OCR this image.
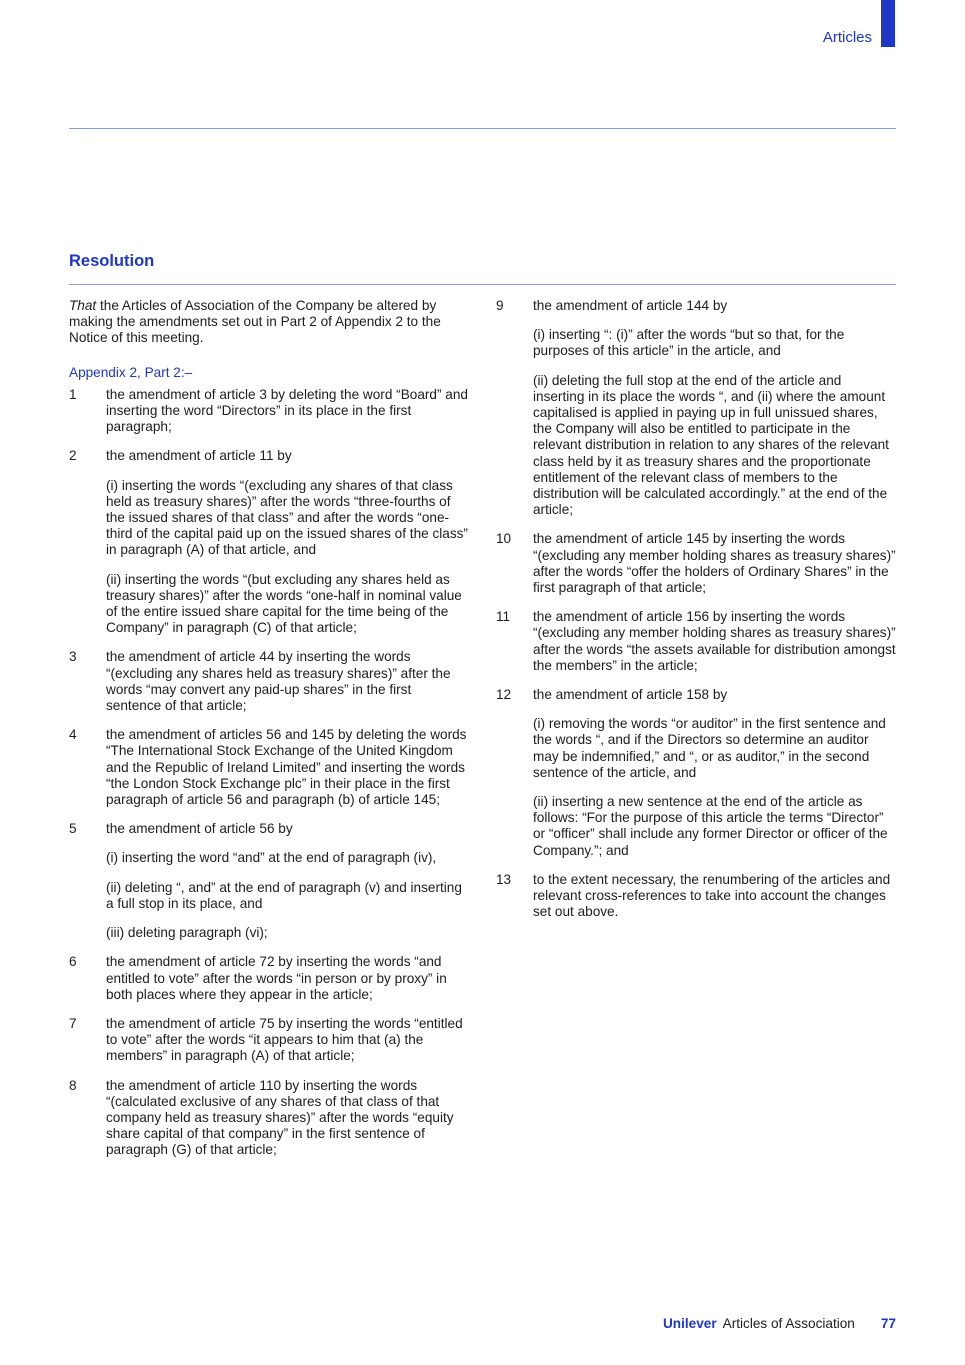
Articles
Resolution

That the Articles of Association of the Company be altered by making the amendments set out in Part 2 of Appendix 2 to the Notice of this meeting.

Appendix 2, Part 2:–

1	the amendment of article 3 by deleting the word “Board” and inserting the word “Directors” in its place in the first paragraph;

2	the amendment of article 11 by

(i) inserting the words “(excluding any shares of that class held as treasury shares)” after the words “three-fourths of the issued shares of that class” and after the words “one-third of the capital paid up on the issued shares of the class” in paragraph (A) of that article, and

(ii) inserting the words “(but excluding any shares held as treasury shares)” after the words “one-half in nominal value of the entire issued share capital for the time being of the Company” in paragraph (C) of that article;

3	the amendment of article 44 by inserting the words “(excluding any shares held as treasury shares)” after the words “may convert any paid-up shares” in the first sentence of that article;

4	the amendment of articles 56 and 145 by deleting the words “The International Stock Exchange of the United Kingdom and the Republic of Ireland Limited” and inserting the words “the London Stock Exchange plc” in their place in the first paragraph of article 56 and paragraph (b) of article 145;

5	the amendment of article 56 by

(i) inserting the word “and” at the end of paragraph (iv),

(ii) deleting “, and” at the end of paragraph (v) and inserting a full stop in its place, and

(iii) deleting paragraph (vi);

6	the amendment of article 72 by inserting the words “and entitled to vote” after the words “in person or by proxy” in both places where they appear in the article;

7	the amendment of article 75 by inserting the words “entitled to vote” after the words “it appears to him that (a) the members” in paragraph (A) of that article;

8	the amendment of article 110 by inserting the words “(calculated exclusive of any shares of that class of that company held as treasury shares)” after the words “equity share capital of that company” in the first sentence of paragraph (G) of that article;

9	the amendment of article 144 by

(i) inserting “: (i)” after the words “but so that, for the purposes of this article” in the article, and

(ii) deleting the full stop at the end of the article and inserting in its place the words “, and (ii) where the amount capitalised is applied in paying up in full unissued shares, the Company will also be entitled to participate in the relevant distribution in relation to any shares of the relevant class held by it as treasury shares and the proportionate entitlement of the relevant class of members to the distribution will be calculated accordingly.” at the end of the article;

10	the amendment of article 145 by inserting the words “(excluding any member holding shares as treasury shares)” after the words “offer the holders of Ordinary Shares” in the first paragraph of that article;

11	the amendment of article 156 by inserting the words “(excluding any member holding shares as treasury shares)” after the words “the assets available for distribution amongst the members” in the article;

12	the amendment of article 158 by

(i) removing the words “or auditor” in the first sentence and the words “, and if the Directors so determine an auditor may be indemnified,” and “, or as auditor,” in the second sentence of the article, and

(ii) inserting a new sentence at the end of the article as follows: “For the purpose of this article the terms “Director” or “officer” shall include any former Director or officer of the Company.”; and

13	to the extent necessary, the renumbering of the articles and relevant cross-references to take into account the changes set out above.

Unilever Articles of Association 77
